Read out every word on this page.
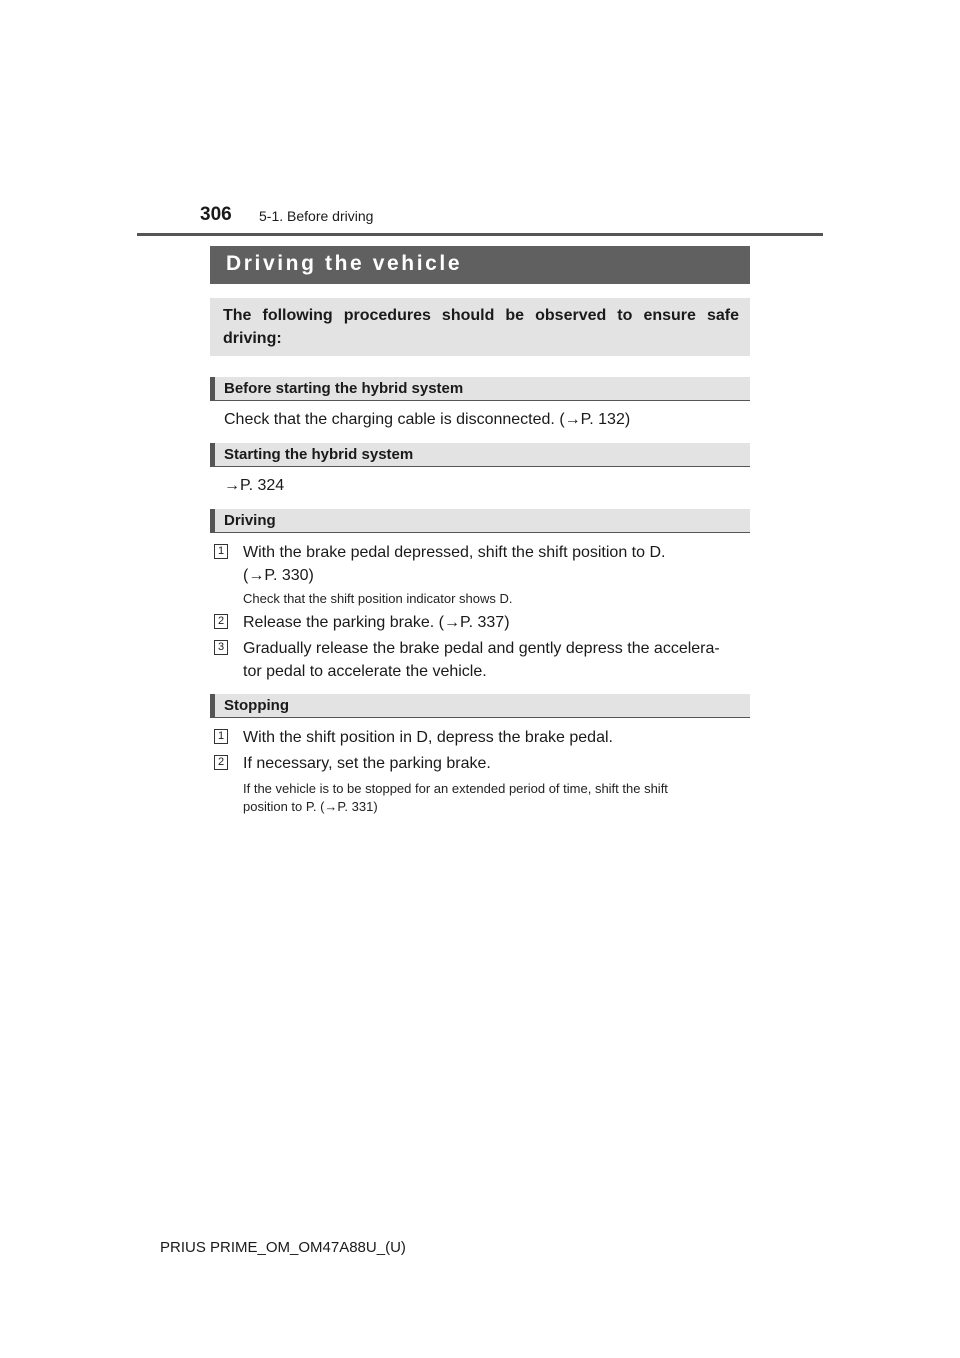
306 5-1. Before driving
Driving the vehicle
The following procedures should be observed to ensure safe driving:
Before starting the hybrid system
Check that the charging cable is disconnected. (→P. 132)
Starting the hybrid system
→P. 324
Driving
1 With the brake pedal depressed, shift the shift position to D.
(→P. 330)
Check that the shift position indicator shows D.
2 Release the parking brake. (→P. 337)
3 Gradually release the brake pedal and gently depress the accelera-
tor pedal to accelerate the vehicle.
Stopping
1 With the shift position in D, depress the brake pedal.
2 If necessary, set the parking brake.
If the vehicle is to be stopped for an extended period of time, shift the shift
position to P. (→P. 331)
PRIUS PRIME_OM_OM47A88U_(U)
